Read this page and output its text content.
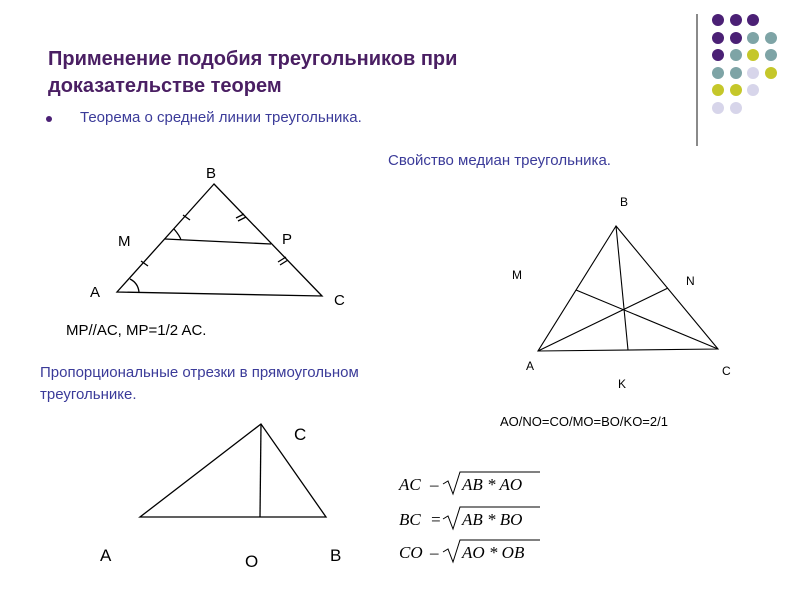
Применение подобия треугольников при доказательстве теорем
Теорема о средней линии треугольника.
Свойство медиан треугольника.
Пропорциональные отрезки в прямоугольном треугольнике.
MP//AC, MP=1/2 AC.
AO/NO=CO/MO=BO/KO=2/1
B
M	P
A	C
B
M	N
A	C
K
C
A	O	B
AC – AB * AO
BC = AB * BO
CO – AO * OB
